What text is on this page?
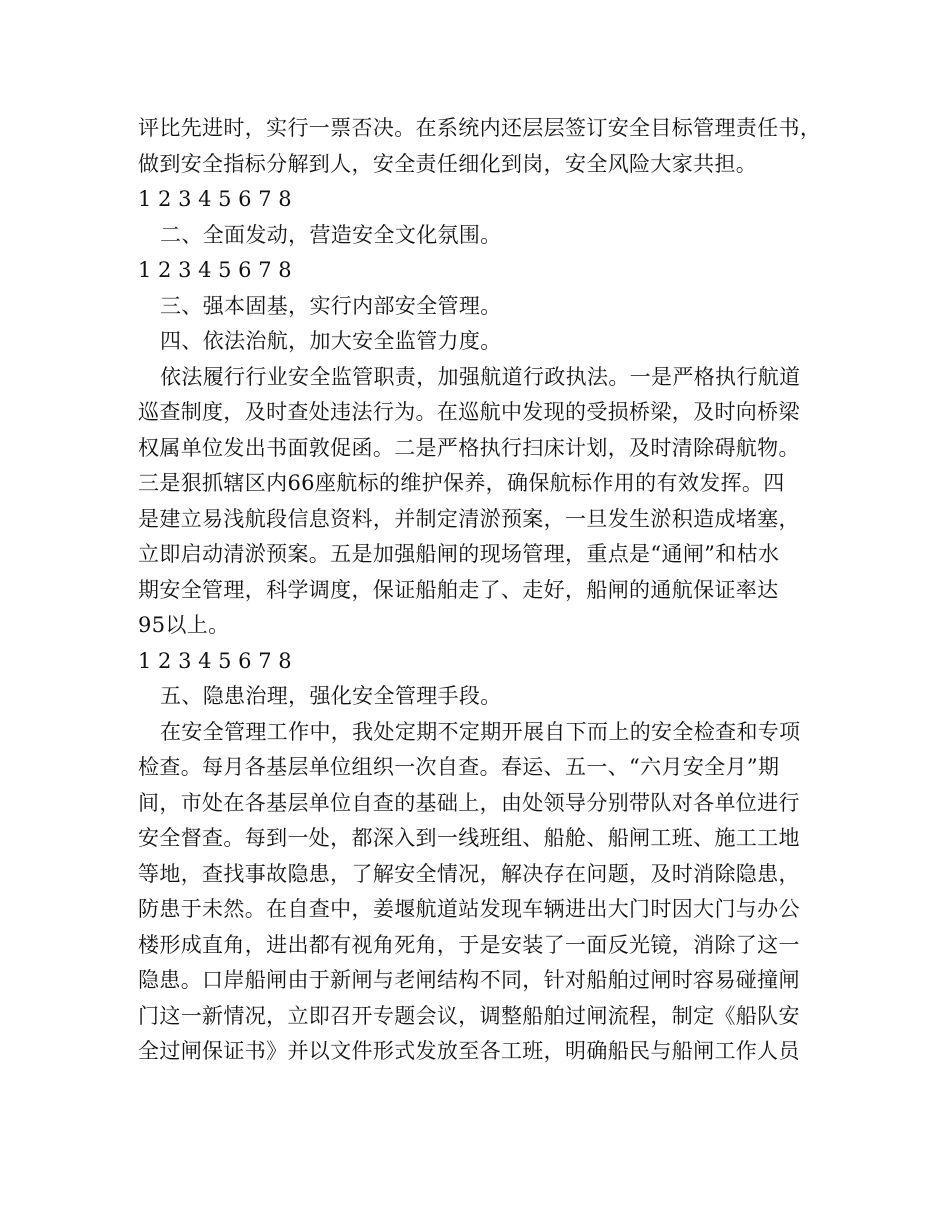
评比先进时，实行一票否决。在系统内还层层签订安全目标管理责任书，
做到安全指标分解到人，安全责任细化到岗，安全风险大家共担。
1 2 3 4 5 6 7 8
二、全面发动，营造安全文化氛围。
1 2 3 4 5 6 7 8
三、强本固基，实行内部安全管理。
四、依法治航，加大安全监管力度。
依法履行行业安全监管职责，加强航道行政执法。一是严格执行航道
巡查制度，及时查处违法行为。在巡航中发现的受损桥梁，及时向桥梁
权属单位发出书面敦促函。二是严格执行扫床计划，及时清除碍航物。
三是狠抓辖区内66座航标的维护保养，确保航标作用的有效发挥。四
是建立易浅航段信息资料，并制定清淤预案，一旦发生淤积造成堵塞，
立即启动清淤预案。五是加强船闸的现场管理，重点是“通闸”和枯水
期安全管理，科学调度，保证船舶走了、走好，船闸的通航保证率达
95以上。
1 2 3 4 5 6 7 8
五、隐患治理，强化安全管理手段。
在安全管理工作中，我处定期不定期开展自下而上的安全检查和专项
检查。每月各基层单位组织一次自查。春运、五一、“六月安全月”期
间，市处在各基层单位自查的基础上，由处领导分别带队对各单位进行
安全督查。每到一处，都深入到一线班组、船舱、船闸工班、施工工地
等地，查找事故隐患，了解安全情况，解决存在问题，及时消除隐患，
防患于未然。在自查中，姜堰航道站发现车辆进出大门时因大门与办公
楼形成直角，进出都有视角死角，于是安装了一面反光镜，消除了这一
隐患。口岸船闸由于新闸与老闸结构不同，针对船舶过闸时容易碰撞闸
门这一新情况，立即召开专题会议，调整船舶过闸流程，制定《船队安
全过闸保证书》并以文件形式发放至各工班，明确船民与船闸工作人员
